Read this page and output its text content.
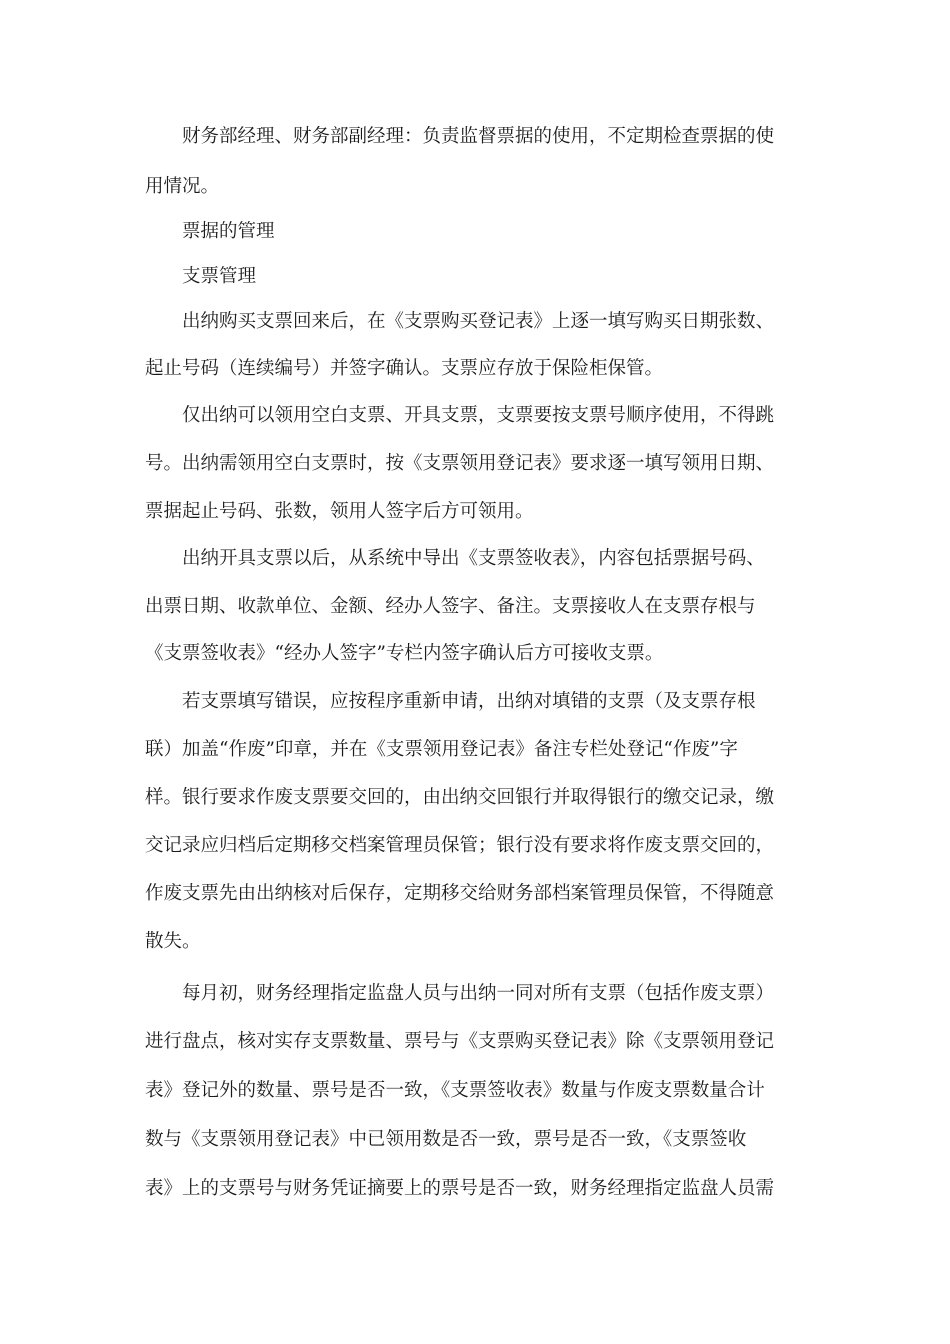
财务部经理、财务部副经理：负责监督票据的使用，不定期检查票据的使
用情况。
票据的管理
支票管理
出纳购买支票回来后，在《支票购买登记表》上逐一填写购买日期张数、
起止号码（连续编号）并签字确认。支票应存放于保险柜保管。
仅出纳可以领用空白支票、开具支票，支票要按支票号顺序使用，不得跳
号。出纳需领用空白支票时，按《支票领用登记表》要求逐一填写领用日期、
票据起止号码、张数，领用人签字后方可领用。
出纳开具支票以后，从系统中导出《支票签收表》，内容包括票据号码、
出票日期、收款单位、金额、经办人签字、备注。支票接收人在支票存根与
《支票签收表》“经办人签字”专栏内签字确认后方可接收支票。
若支票填写错误，应按程序重新申请，出纳对填错的支票（及支票存根
联）加盖“作废”印章，并在《支票领用登记表》备注专栏处登记“作废”字
样。银行要求作废支票要交回的，由出纳交回银行并取得银行的缴交记录，缴
交记录应归档后定期移交档案管理员保管；银行没有要求将作废支票交回的，
作废支票先由出纳核对后保存，定期移交给财务部档案管理员保管，不得随意
散失。
每月初，财务经理指定监盘人员与出纳一同对所有支票（包括作废支票）
进行盘点，核对实存支票数量、票号与《支票购买登记表》除《支票领用登记
表》登记外的数量、票号是否一致，《支票签收表》数量与作废支票数量合计
数与《支票领用登记表》中已领用数是否一致，票号是否一致，《支票签收
表》上的支票号与财务凭证摘要上的票号是否一致，财务经理指定监盘人员需
